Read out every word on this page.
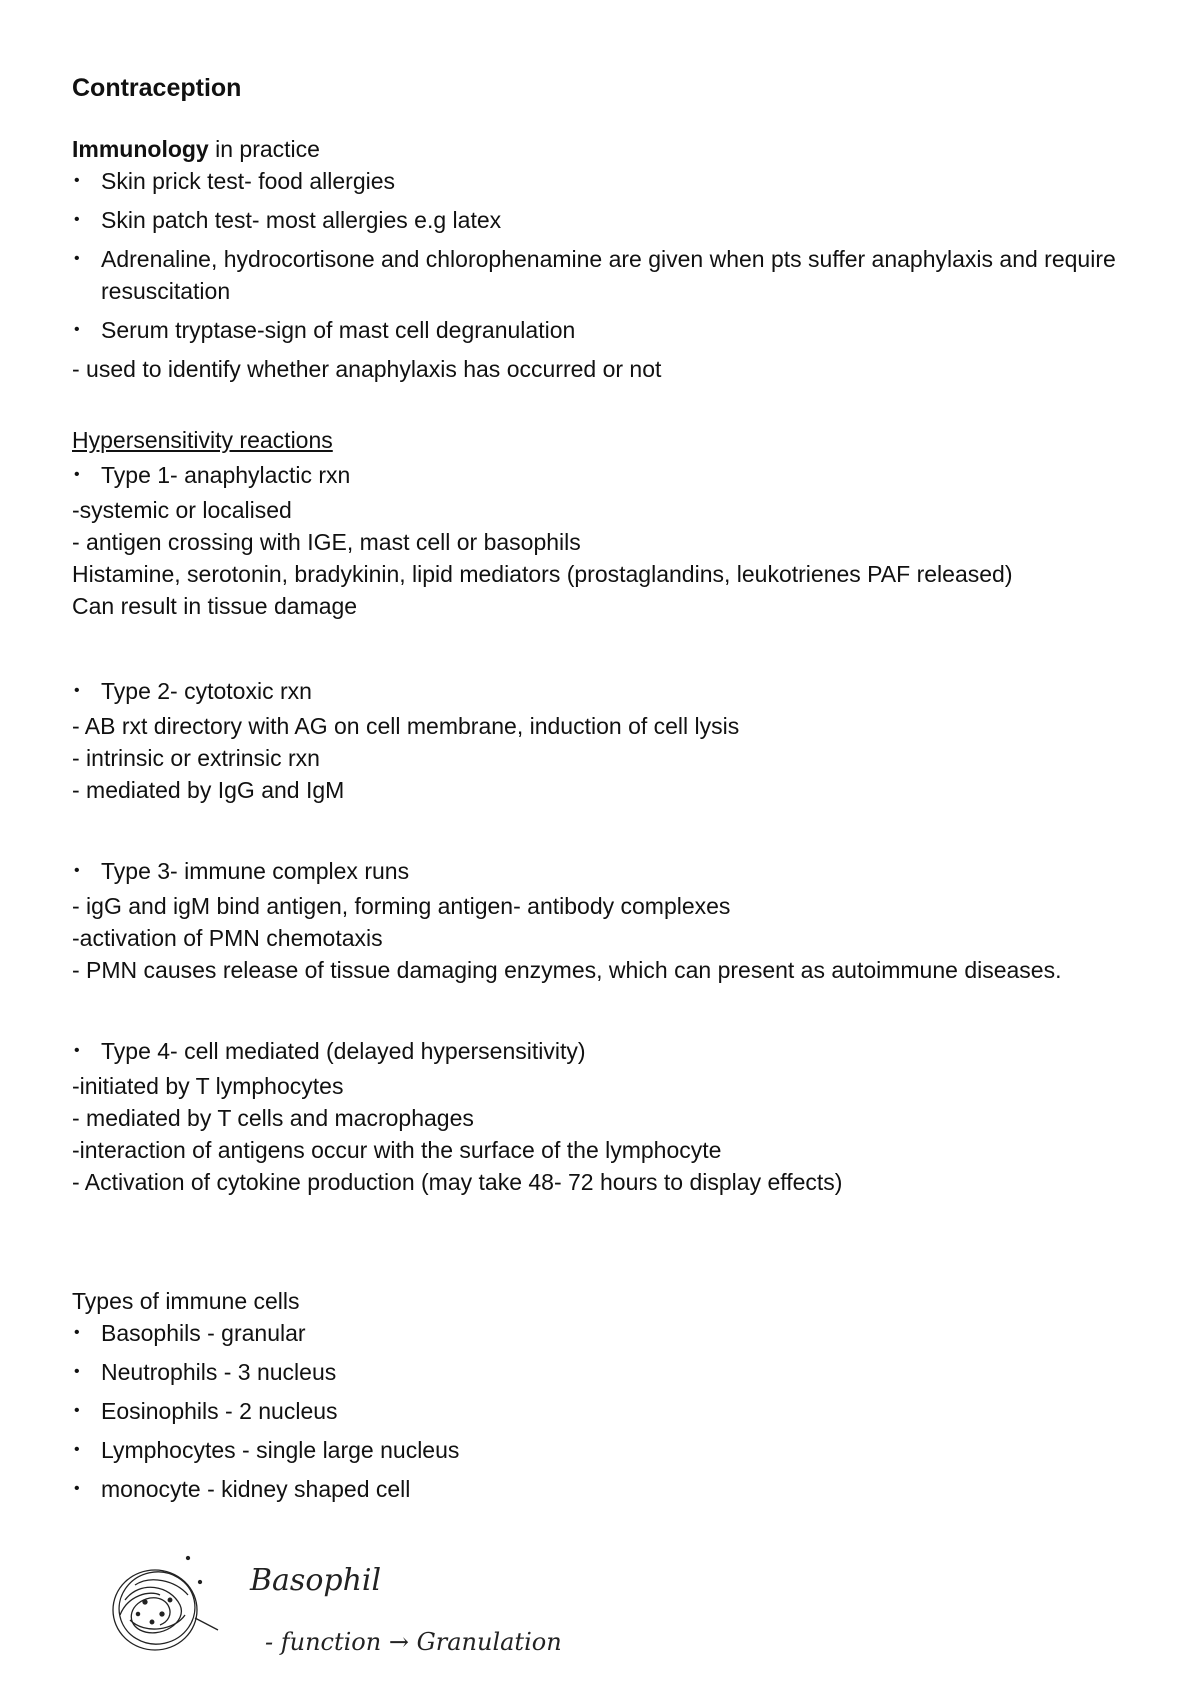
Contraception

Immunology in practice

• Skin prick test- food allergies

• Skin patch test- most allergies e.g latex

• Adrenaline, hydrocortisone and chlorophenamine are given when pts suffer anaphylaxis and require resuscitation

• Serum tryptase-sign of mast cell degranulation

- used to identify whether anaphylaxis has occurred or not

Hypersensitivity reactions

• Type 1- anaphylactic rxn

-systemic or localised

- antigen crossing with IGE, mast cell or basophils

Histamine, serotonin, bradykinin, lipid mediators (prostaglandins, leukotrienes PAF released)

Can result in tissue damage

• Type 2- cytotoxic rxn

- AB rxt directory with AG on cell membrane, induction of cell lysis

- intrinsic or extrinsic rxn

- mediated by IgG and IgM

• Type 3- immune complex runs

- igG and igM bind antigen, forming antigen- antibody complexes

-activation of PMN chemotaxis

- PMN causes release of tissue damaging enzymes, which can present as autoimmune diseases.

• Type 4- cell mediated (delayed hypersensitivity)

-initiated by T lymphocytes

- mediated by T cells and macrophages

-interaction of antigens occur with the surface of the lymphocyte

- Activation of cytokine production (may take 48- 72 hours to display effects)

Types of immune cells

• Basophils - granular

• Neutrophils - 3 nucleus

• Eosinophils - 2 nucleus

• Lymphocytes - single large nucleus

• monocyte - kidney shaped cell

Basophil
- function → Granulation
